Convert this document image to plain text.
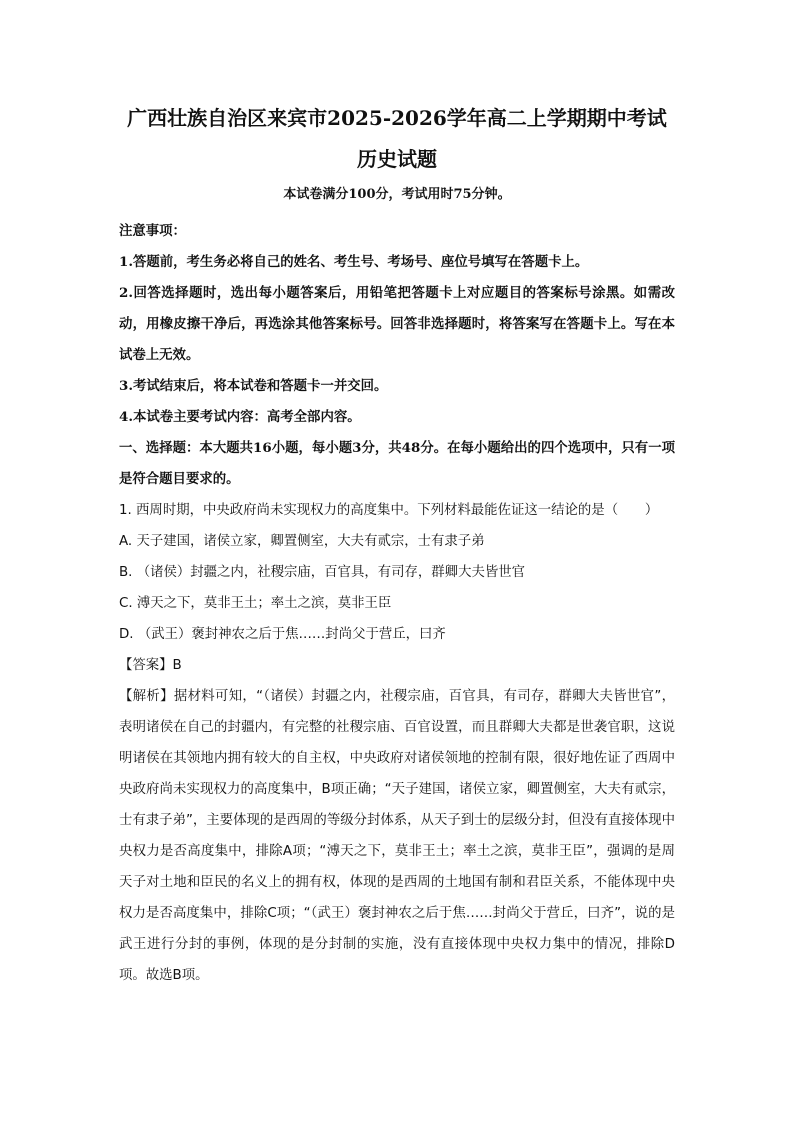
广西壮族自治区来宾市2025-2026学年高二上学期期中考试
历史试题
本试卷满分100分，考试用时75分钟。

注意事项：

1.答题前，考生务必将自己的姓名、考生号、考场号、座位号填写在答题卡上。

2.回答选择题时，选出每小题答案后，用铅笔把答题卡上对应题目的答案标号涂黑。如需改动，用橡皮擦干净后，再选涂其他答案标号。回答非选择题时，将答案写在答题卡上。写在本试卷上无效。

3.考试结束后，将本试卷和答题卡一并交回。

4.本试卷主要考试内容：高考全部内容。

一、选择题：本大题共16小题，每小题3分，共48分。在每小题给出的四个选项中，只有一项是符合题目要求的。

1. 西周时期，中央政府尚未实现权力的高度集中。下列材料最能佐证这一结论的是（　　）

A. 天子建国，诸侯立家，卿置侧室，大夫有贰宗，士有隶子弟

B. （诸侯）封疆之内，社稷宗庙，百官具，有司存，群卿大夫皆世官

C. 溥天之下，莫非王土；率土之滨，莫非王臣

D. （武王）褒封神农之后于焦……封尚父于营丘，曰齐

【答案】B

【解析】据材料可知，“（诸侯）封疆之内，社稷宗庙，百官具，有司存，群卿大夫皆世官”，表明诸侯在自己的封疆内，有完整的社稷宗庙、百官设置，而且群卿大夫都是世袭官职，这说明诸侯在其领地内拥有较大的自主权，中央政府对诸侯领地的控制有限，很好地佐证了西周中央政府尚未实现权力的高度集中，B项正确；“天子建国，诸侯立家，卿置侧室，大夫有贰宗，士有隶子弟”，主要体现的是西周的等级分封体系，从天子到士的层级分封，但没有直接体现中央权力是否高度集中，排除A项；“溥天之下，莫非王土；率土之滨，莫非王臣”，强调的是周天子对土地和臣民的名义上的拥有权，体现的是西周的土地国有制和君臣关系，不能体现中央权力是否高度集中，排除C项；“（武王）褒封神农之后于焦……封尚父于营丘，曰齐”，说的是武王进行分封的事例，体现的是分封制的实施，没有直接体现中央权力集中的情况，排除D项。故选B项。
